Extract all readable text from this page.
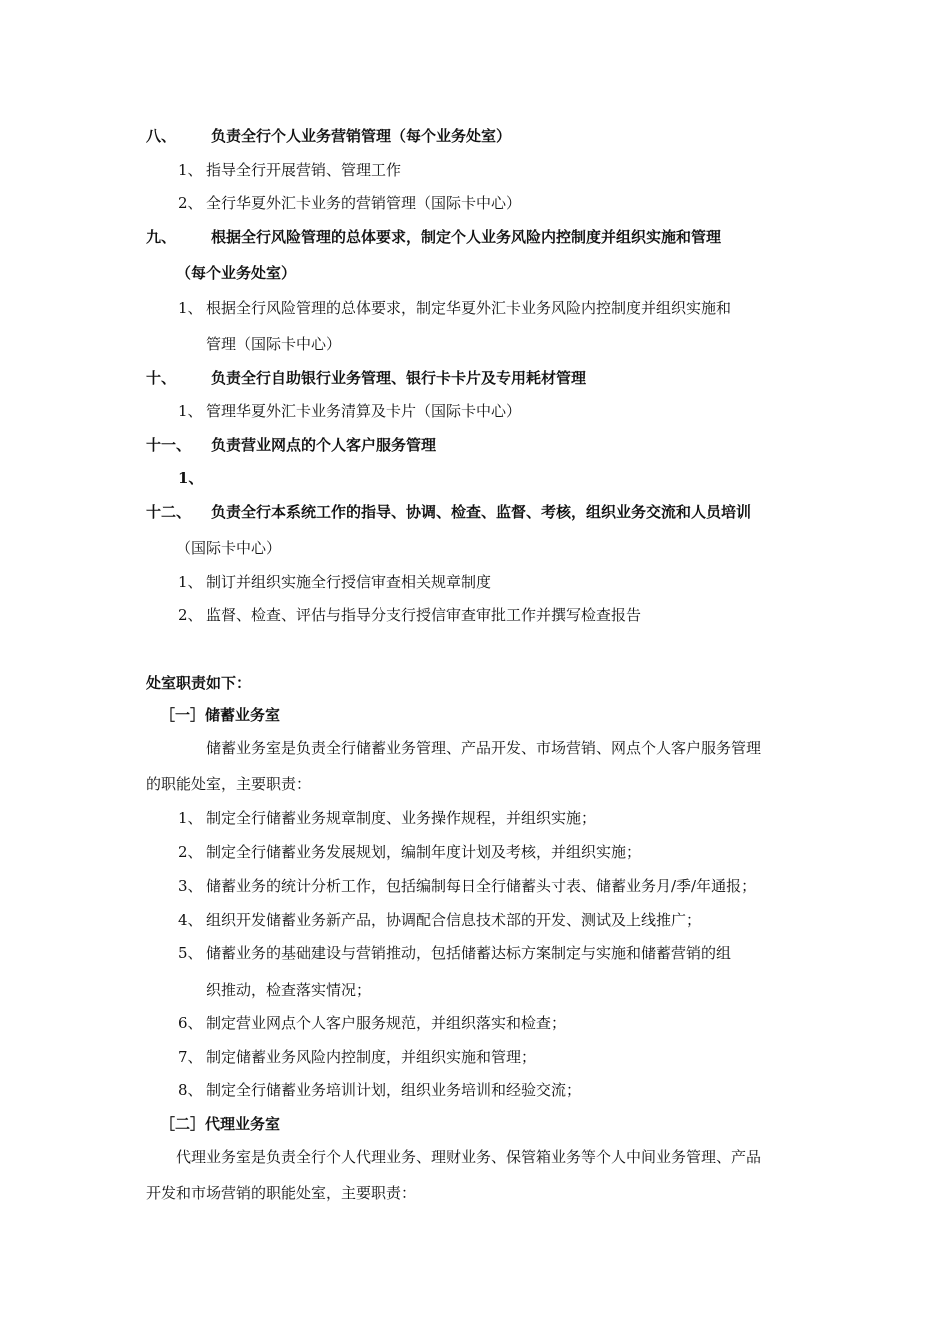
八、 负责全行个人业务营销管理（每个业务处室）
1、 指导全行开展营销、管理工作
2、 全行华夏外汇卡业务的营销管理（国际卡中心）
九、 根据全行风险管理的总体要求，制定个人业务风险内控制度并组织实施和管理
（每个业务处室）
1、 根据全行风险管理的总体要求，制定华夏外汇卡业务风险内控制度并组织实施和
管理（国际卡中心）
十、 负责全行自助银行业务管理、银行卡卡片及专用耗材管理
1、 管理华夏外汇卡业务清算及卡片（国际卡中心）
十一、 负责营业网点的个人客户服务管理
1、
十二、 负责全行本系统工作的指导、协调、检查、监督、考核，组织业务交流和人员培训
（国际卡中心）
1、 制订并组织实施全行授信审查相关规章制度
2、 监督、检查、评估与指导分支行授信审查审批工作并撰写检查报告
处室职责如下：
［一］储蓄业务室
储蓄业务室是负责全行储蓄业务管理、产品开发、市场营销、网点个人客户服务管理
的职能处室，主要职责：
1、 制定全行储蓄业务规章制度、业务操作规程，并组织实施；
2、 制定全行储蓄业务发展规划，编制年度计划及考核，并组织实施；
3、 储蓄业务的统计分析工作，包括编制每日全行储蓄头寸表、储蓄业务月/季/年通报；
4、 组织开发储蓄业务新产品，协调配合信息技术部的开发、测试及上线推广；
5、 储蓄业务的基础建设与营销推动，包括储蓄达标方案制定与实施和储蓄营销的组
织推动，检查落实情况；
6、 制定营业网点个人客户服务规范，并组织落实和检查；
7、 制定储蓄业务风险内控制度，并组织实施和管理；
8、 制定全行储蓄业务培训计划，组织业务培训和经验交流；
［二］代理业务室
代理业务室是负责全行个人代理业务、理财业务、保管箱业务等个人中间业务管理、产品
开发和市场营销的职能处室，主要职责：
